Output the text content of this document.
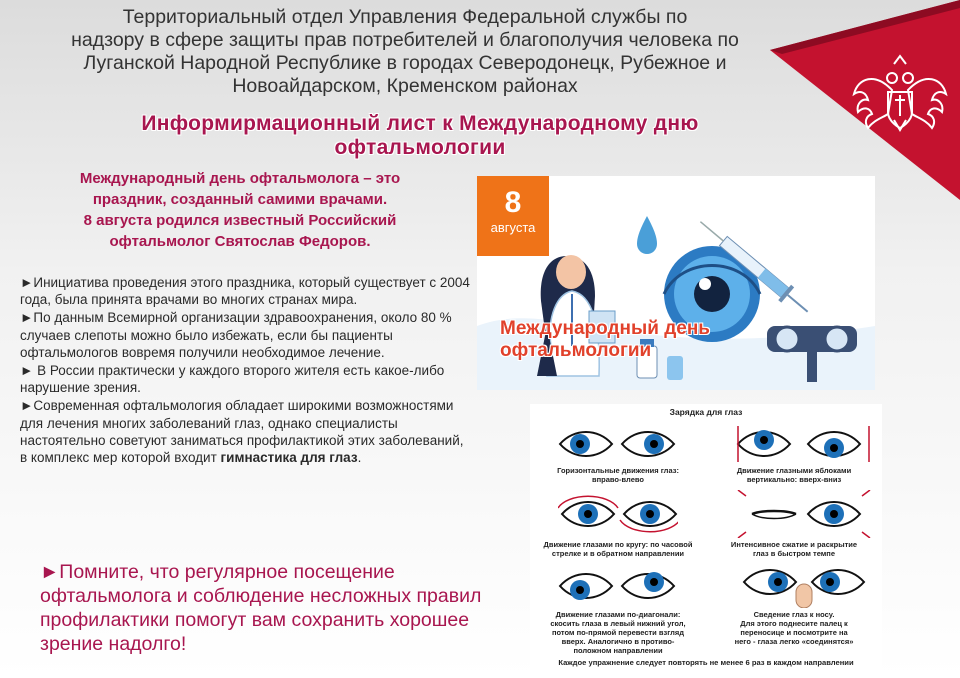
Территориальный отдел Управления Федеральной службы по
надзору в сфере защиты прав потребителей и благополучия человека по
Луганской Народной Республике в городах Северодонецк, Рубежное и
Новоайдарском, Кременском районах
Информирмационный лист к Международному дню
офтальмологии
Международный день офтальмолога – это
праздник, созданный самими врачами.
8 августа родился известный Российский
офтальмолог Святослав Федоров.

►Инициатива проведения этого праздника, который существует с 2004 года, была принята врачами во многих странах мира.

►По данным Всемирной организации здравоохранения, около 80 % случаев слепоты можно было избежать, если бы пациенты офтальмологов вовремя получили необходимое лечение.

► В России практически у каждого второго жителя есть какое-либо нарушение зрения.

►Современная офтальмология обладает широкими возможностями для лечения многих заболеваний глаз, однако специалисты настоятельно советуют заниматься профилактикой этих заболеваний, в комплекс мер которой входит гимнастика для глаз.

►Помните, что регулярное посещение офтальмолога и соблюдение несложных правил профилактики помогут вам сохранить хорошее зрение надолго!
8
августа
Международный день
офтальмологии
Зарядка для глаз
Горизонтальные движения глаз:
вправо-влево
Движение глазными яблоками
вертикально: вверх-вниз
Движение глазами по кругу: по часовой
стрелке и в обратном направлении
Интенсивное сжатие и раскрытие
глаз в быстром темпе
Движение глазами по-диагонали:
скосить глаза в левый нижний угол,
потом по-прямой перевести взгляд
вверх. Аналогично в противо-
положном направлении
Сведение глаз к носу.
Для этого поднесите палец к
переносице и посмотрите на
него - глаза легко «соединятся»
Каждое упражнение следует повторять не менее 6 раз в каждом направлении
